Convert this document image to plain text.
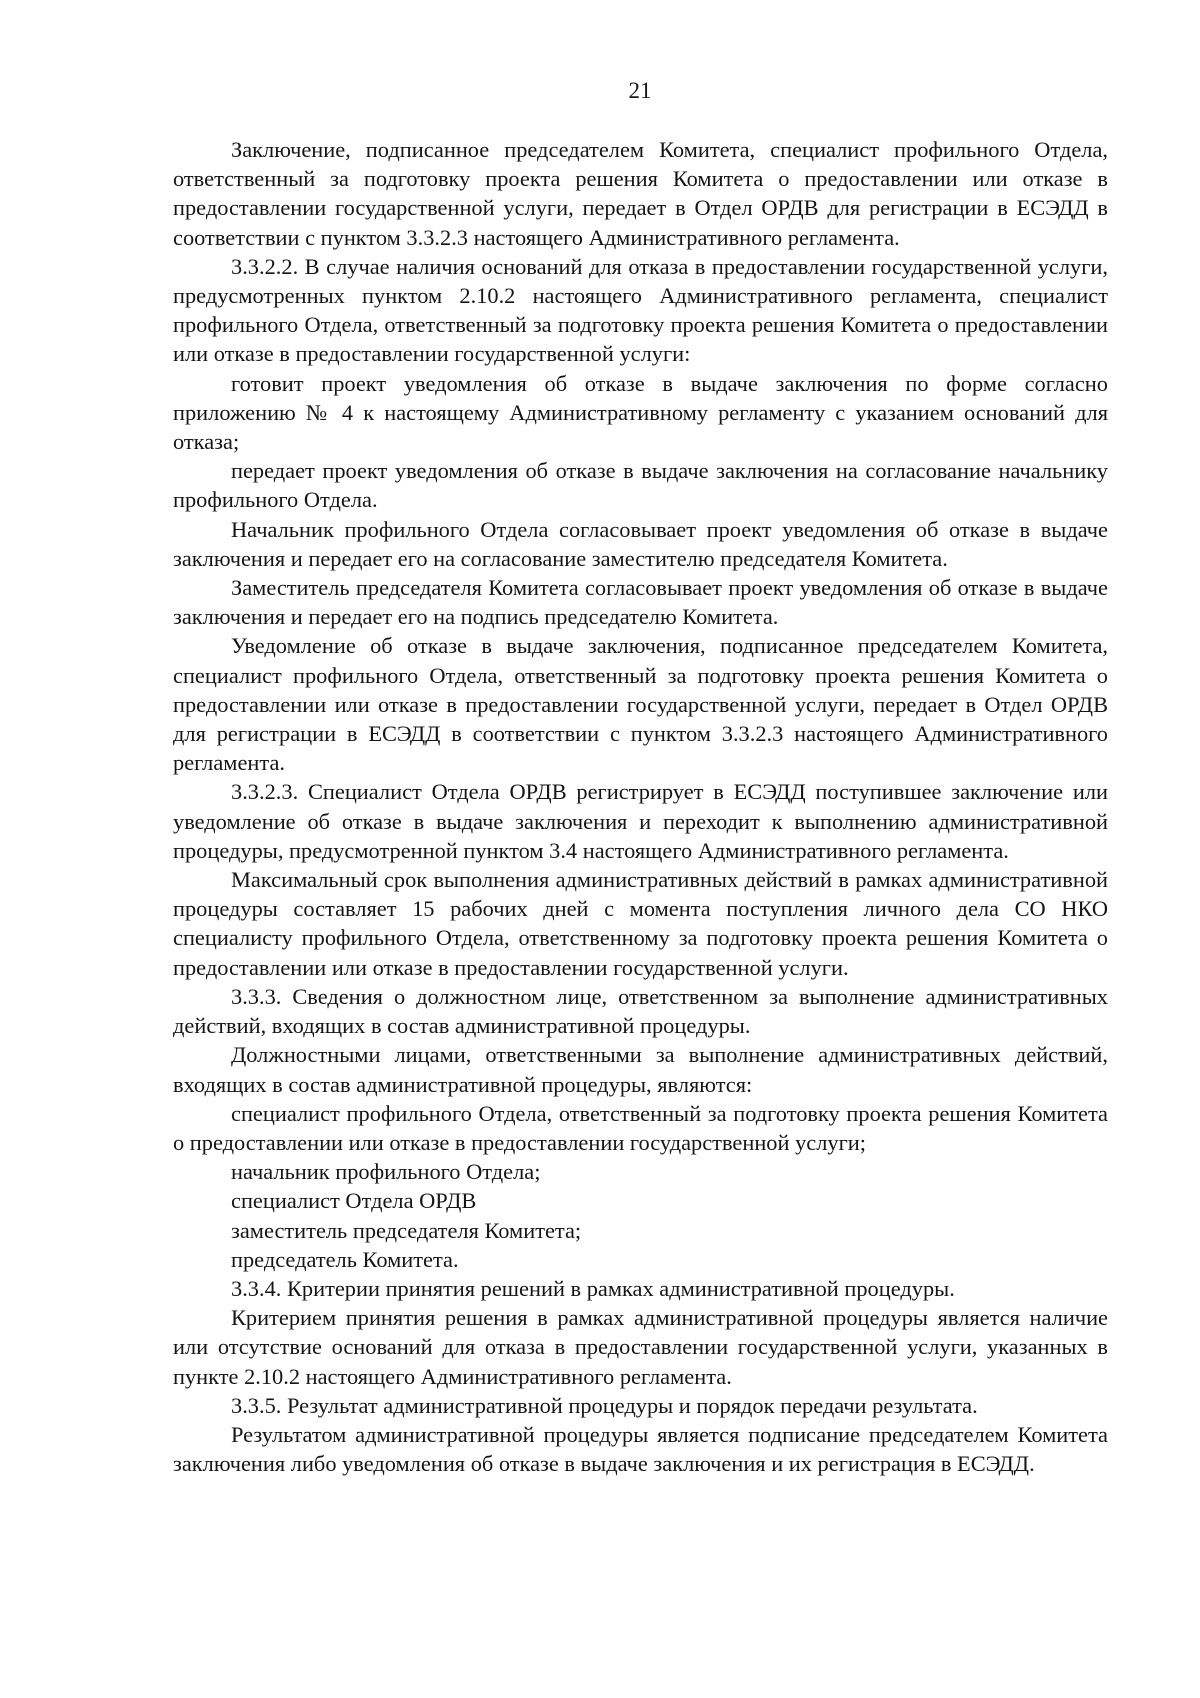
21

Заключение, подписанное председателем Комитета, специалист профильного Отдела, ответственный за подготовку проекта решения Комитета о предоставлении или отказе в предоставлении государственной услуги, передает в Отдел ОРДВ для регистрации в ЕСЭДД в соответствии с пунктом 3.3.2.3 настоящего Административного регламента.

3.3.2.2. В случае наличия оснований для отказа в предоставлении государственной услуги, предусмотренных пунктом 2.10.2 настоящего Административного регламента, специалист профильного Отдела, ответственный за подготовку проекта решения Комитета о предоставлении или отказе в предоставлении государственной услуги:

готовит проект уведомления об отказе в выдаче заключения по форме согласно приложению № 4 к настоящему Административному регламенту с указанием оснований для отказа;

передает проект уведомления об отказе в выдаче заключения на согласование начальнику профильного Отдела.

Начальник профильного Отдела согласовывает проект уведомления об отказе в выдаче заключения и передает его на согласование заместителю председателя Комитета.

Заместитель председателя Комитета согласовывает проект уведомления об отказе в выдаче заключения и передает его на подпись председателю Комитета.

Уведомление об отказе в выдаче заключения, подписанное председателем Комитета, специалист профильного Отдела, ответственный за подготовку проекта решения Комитета о предоставлении или отказе в предоставлении государственной услуги, передает в Отдел ОРДВ для регистрации в ЕСЭДД в соответствии с пунктом 3.3.2.3 настоящего Административного регламента.

3.3.2.3. Специалист Отдела ОРДВ регистрирует в ЕСЭДД поступившее заключение или уведомление об отказе в выдаче заключения и переходит к выполнению административной процедуры, предусмотренной пунктом 3.4 настоящего Административного регламента.

Максимальный срок выполнения административных действий в рамках административной процедуры составляет 15 рабочих дней с момента поступления личного дела СО НКО специалисту профильного Отдела, ответственному за подготовку проекта решения Комитета о предоставлении или отказе в предоставлении государственной услуги.

3.3.3. Сведения о должностном лице, ответственном за выполнение административных действий, входящих в состав административной процедуры.

Должностными лицами, ответственными за выполнение административных действий, входящих в состав административной процедуры, являются:

специалист профильного Отдела, ответственный за подготовку проекта решения Комитета о предоставлении или отказе в предоставлении государственной услуги;

начальник профильного Отдела;

специалист Отдела ОРДВ

заместитель председателя Комитета;

председатель Комитета.

3.3.4. Критерии принятия решений в рамках административной процедуры.

Критерием принятия решения в рамках административной процедуры является наличие или отсутствие оснований для отказа в предоставлении государственной услуги, указанных в пункте 2.10.2 настоящего Административного регламента.

3.3.5. Результат административной процедуры и порядок передачи результата.

Результатом административной процедуры является подписание председателем Комитета заключения либо уведомления об отказе в выдаче заключения и их регистрация в ЕСЭДД.
